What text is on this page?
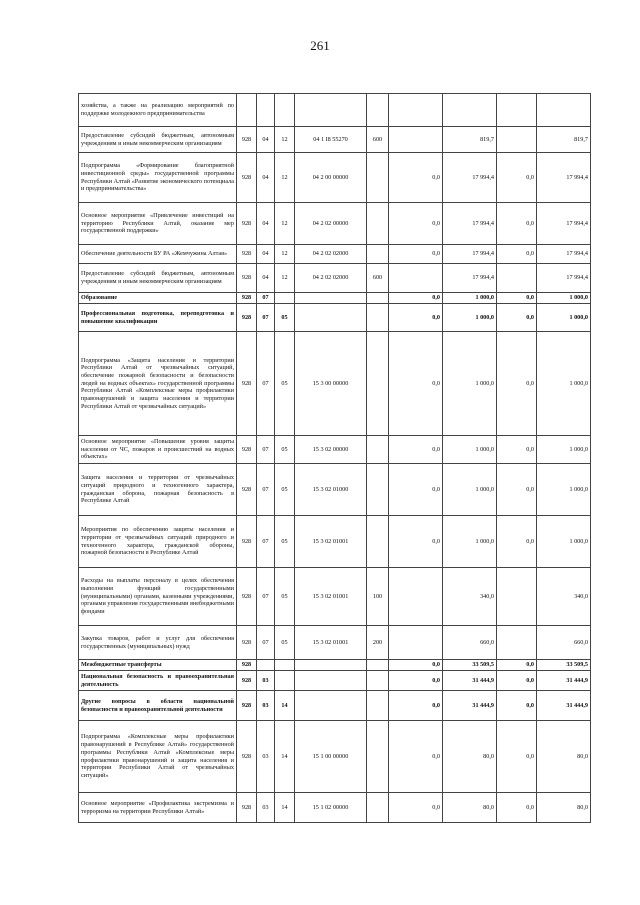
261
хозяйства, а также на реализацию мероприятий по поддержке молодежного предпринимательства									
Предоставление субсидий бюджетным, автономным учреждениям и иным некоммерческим организациям	928	04	12	04 1 I8 55270	600		819,7		819,7
Подпрограмма «Формирование благоприятной инвестиционной среды» государственной программы Республики Алтай «Развитие экономического потенциала и предпринимательства»	928	04	12	04 2 00 00000		0,0	17 994,4	0,0	17 994,4
Основное мероприятие «Привлечение инвестиций на территорию Республики Алтай, оказание мер государственной поддержки»	928	04	12	04 2 02 00000		0,0	17 994,4	0,0	17 994,4
Обеспечение деятельности БУ РА «Жемчужина Алтая»	928	04	12	04 2 02 02000		0,0	17 994,4	0,0	17 994,4
Предоставление субсидий бюджетным, автономным учреждениям и иным некоммерческим организациям	928	04	12	04 2 02 02000	600		17 994,4		17 994,4
Образование	928	07				0,0	1 000,0	0,0	1 000,0
Профессиональная подготовка, переподготовка и повышение квалификации	928	07	05			0,0	1 000,0	0,0	1 000,0
Подпрограмма «Защита населения и территории Республики Алтай от чрезвычайных ситуаций, обеспечение пожарной безопасности и безопасности людей на водных объектах» государственной программы Республики Алтай «Комплексные меры профилактики правонарушений и защита населения и территории Республики Алтай от чрезвычайных ситуаций»	928	07	05	15 3 00 00000		0,0	1 000,0	0,0	1 000,0
Основное мероприятие «Повышение уровня защиты населения от ЧС, пожаров и происшествий на водных объектах»	928	07	05	15 3 02 00000		0,0	1 000,0	0,0	1 000,0
Защита населения и территории от чрезвычайных ситуаций природного и техногенного характера, гражданская оборона, пожарная безопасность в Республике Алтай	928	07	05	15 3 02 01000		0,0	1 000,0	0,0	1 000,0
Мероприятия по обеспечению защиты населения и территории от чрезвычайных ситуаций природного и техногенного характера, гражданской обороны, пожарной безопасности в Республике Алтай	928	07	05	15 3 02 01001		0,0	1 000,0	0,0	1 000,0
Расходы на выплаты персоналу в целях обеспечения выполнения функций государственными (муниципальными) органами, казенными учреждениями, органами управления государственными внебюджетными фондами	928	07	05	15 3 02 01001	100		340,0		340,0
Закупка товаров, работ и услуг для обеспечения государственных (муниципальных) нужд	928	07	05	15 3 02 01001	200		660,0		660,0
Межбюджетные трансферты	928					0,0	33 509,5	0,0	33 509,5
Национальная безопасность и правоохранительная деятельность	928	03				0,0	31 444,9	0,0	31 444,9
Другие вопросы в области национальной безопасности и правоохранительной деятельности	928	03	14			0,0	31 444,9	0,0	31 444,9
Подпрограмма «Комплексные меры профилактики правонарушений в Республике Алтай» государственной программы Республики Алтай «Комплексные меры профилактики правонарушений и защита населения и территории Республики Алтай от чрезвычайных ситуаций»	928	03	14	15 1 00 00000		0,0	80,0	0,0	80,0
Основное мероприятие «Профилактика экстремизма и терроризма на территории Республики Алтай»	928	03	14	15 1 02 00000		0,0	80,0	0,0	80,0
